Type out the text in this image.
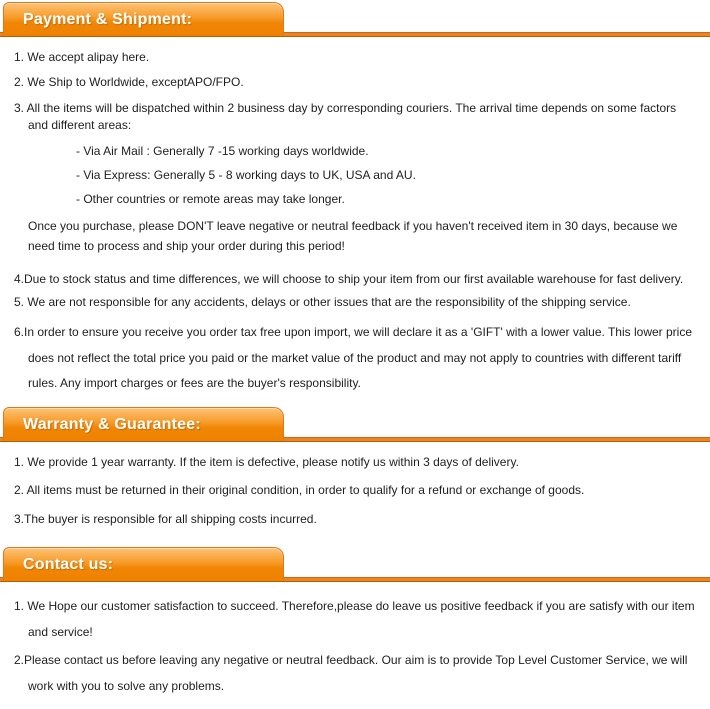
Payment & Shipment:

1. We accept alipay here.

2. We Ship to Worldwide, exceptAPO/FPO.

3. All the items will be dispatched within 2 business day by corresponding couriers. The arrival time depends on some factors and different areas:

- Via Air Mail : Generally 7 -15 working days worldwide.

- Via Express: Generally 5 - 8 working days to UK, USA and AU.

- Other countries or remote areas may take longer.

Once you purchase, please DON'T leave negative or neutral feedback if you haven't received item in 30 days, because we need time to process and ship your order during this period!

4.Due to stock status and time differences, we will choose to ship your item from our first available warehouse for fast delivery.

5. We are not responsible for any accidents, delays or other issues that are the responsibility of the shipping service.

6.In order to ensure you receive you order tax free upon import, we will declare it as a 'GIFT' with a lower value. This lower price does not reflect the total price you paid or the market value of the product and may not apply to countries with different tariff rules. Any import charges or fees are the buyer's responsibility.

Warranty & Guarantee:

1. We provide 1 year warranty. If the item is defective, please notify us within 3 days of delivery.

2. All items must be returned in their original condition, in order to qualify for a refund or exchange of goods.

3.The buyer is responsible for all shipping costs incurred.

Contact us:

1. We Hope our customer satisfaction to succeed. Therefore,please do leave us positive feedback if you are satisfy with our item and service!

2.Please contact us before leaving any negative or neutral feedback. Our aim is to provide Top Level Customer Service, we will work with you to solve any problems.
